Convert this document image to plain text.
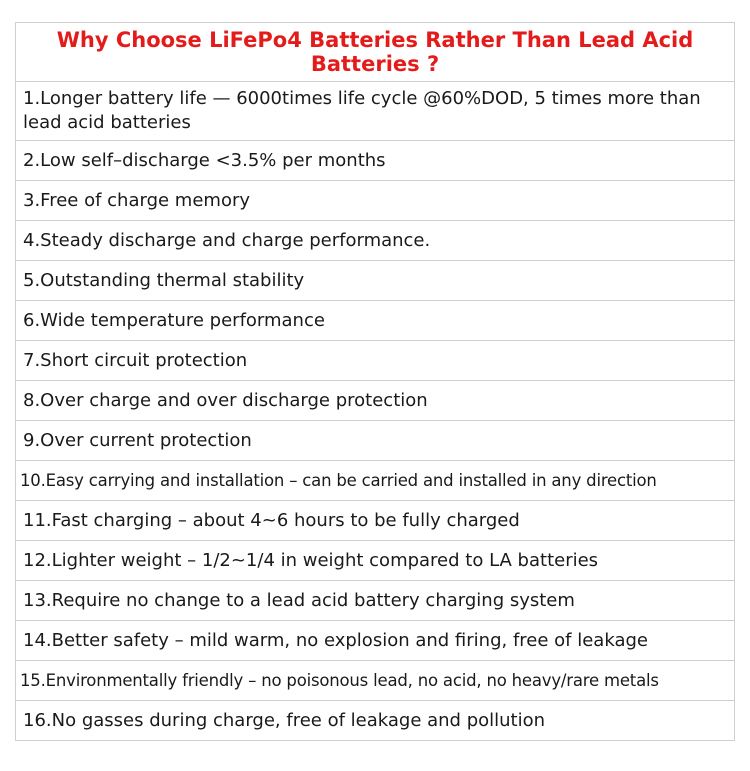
Why Choose LiFePo4 Batteries Rather Than Lead Acid Batteries ?

1.Longer battery life — 6000times life cycle @60%DOD, 5 times more than lead acid batteries
2.Low self–discharge <3.5% per months
3.Free of charge memory
4.Steady discharge and charge performance.
5.Outstanding thermal stability
6.Wide temperature performance
7.Short circuit protection
8.Over charge and over discharge protection
9.Over current protection
10.Easy carrying and installation – can be carried and installed in any direction
11.Fast charging – about 4~6 hours to be fully charged
12.Lighter weight – 1/2~1/4 in weight compared to LA batteries
13.Require no change to a lead acid battery charging system
14.Better safety – mild warm, no explosion and firing, free of leakage
15.Environmentally friendly – no poisonous lead, no acid, no heavy/rare metals
16.No gasses during charge, free of leakage and pollution
